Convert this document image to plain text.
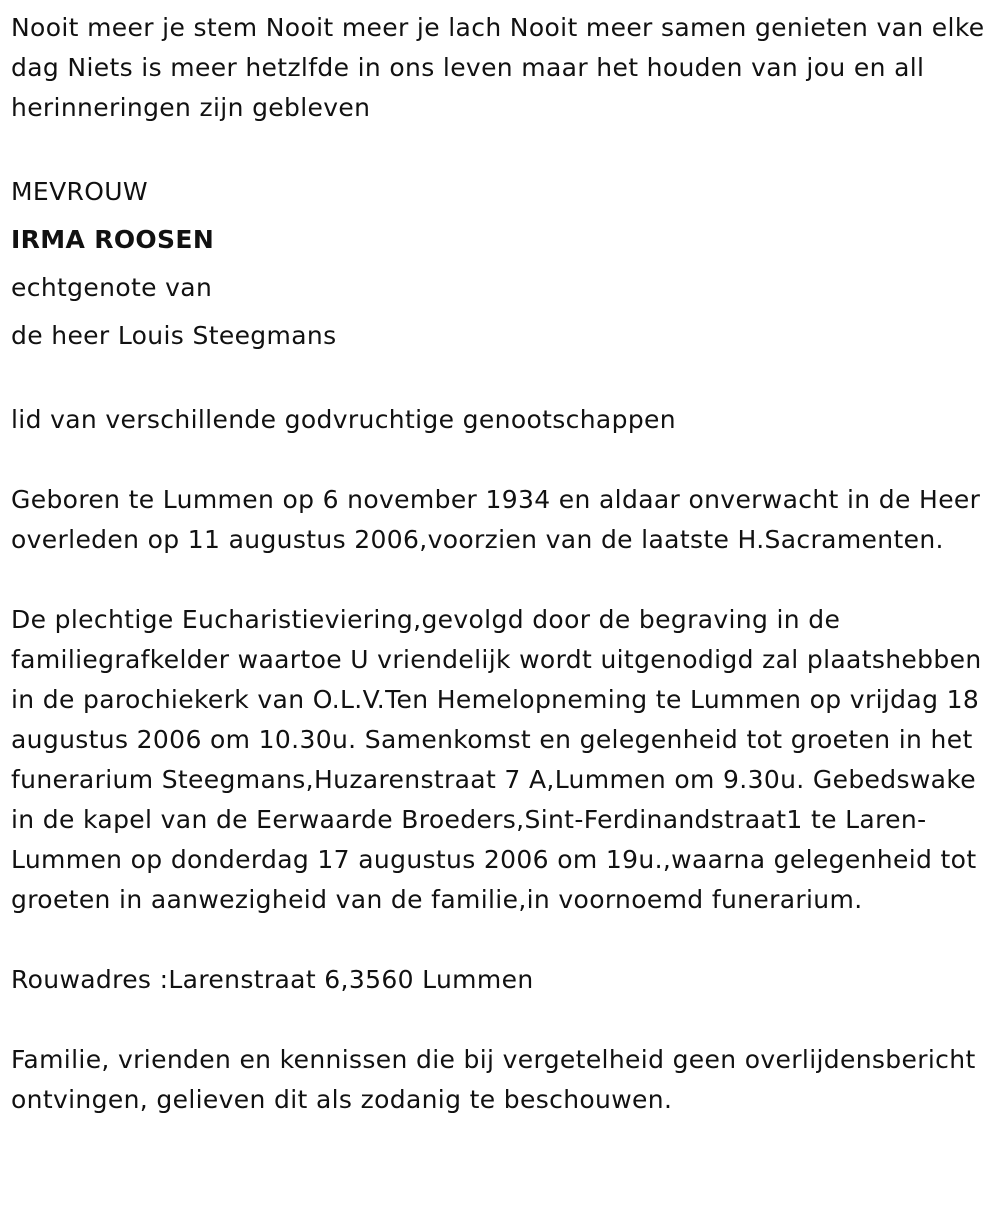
Nooit meer je stem Nooit meer je lach Nooit meer samen genieten van elke dag Niets is meer hetzlfde in ons leven maar het houden van jou en all herinneringen zijn gebleven

MEVROUW

IRMA ROOSEN

echtgenote van

de heer Louis Steegmans

lid van verschillende godvruchtige genootschappen

Geboren te Lummen op 6 november 1934 en aldaar onverwacht in de Heer overleden op 11 augustus 2006,voorzien van de laatste H.Sacramenten.

De plechtige Eucharistieviering,gevolgd door de begraving in de familiegrafkelder waartoe U vriendelijk wordt uitgenodigd zal plaatshebben in de parochiekerk van O.L.V.Ten Hemelopneming te Lummen op vrijdag 18 augustus 2006 om 10.30u. Samenkomst en gelegenheid tot groeten in het funerarium Steegmans,Huzarenstraat 7 A,Lummen om 9.30u. Gebedswake in de kapel van de Eerwaarde Broeders,Sint-Ferdinandstraat1 te Laren-Lummen op donderdag 17 augustus 2006 om 19u.,waarna gelegenheid tot groeten in aanwezigheid van de familie,in voornoemd funerarium.

Rouwadres :Larenstraat 6,3560 Lummen

Familie, vrienden en kennissen die bij vergetelheid geen overlijdensbericht ontvingen, gelieven dit als zodanig te beschouwen.
